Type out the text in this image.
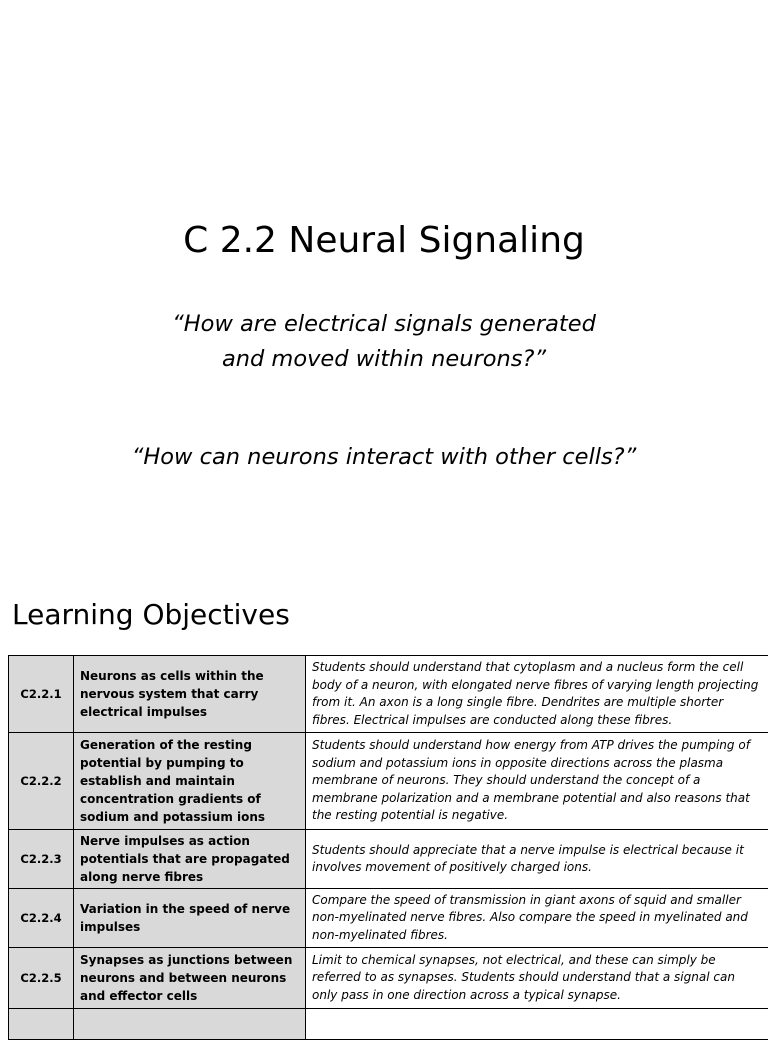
C 2.2 Neural Signaling

“How are electrical signals generated
and moved within neurons?”

“How can neurons interact with other cells?”

Learning Objectives
C2.2.1	Neurons as cells within the nervous system that carry electrical impulses	Students should understand that cytoplasm and a nucleus form the cell body of a neuron, with elongated nerve fibres of varying length projecting from it. An axon is a long single fibre. Dendrites are multiple shorter fibres. Electrical impulses are conducted along these fibres.
C2.2.2	Generation of the resting potential by pumping to establish and maintain concentration gradients of sodium and potassium ions	Students should understand how energy from ATP drives the pumping of sodium and potassium ions in opposite directions across the plasma membrane of neurons. They should understand the concept of a membrane polarization and a membrane potential and also reasons that the resting potential is negative.
C2.2.3	Nerve impulses as action potentials that are propagated along nerve fibres	Students should appreciate that a nerve impulse is electrical because it involves movement of positively charged ions.
C2.2.4	Variation in the speed of nerve impulses	Compare the speed of transmission in giant axons of squid and smaller non-myelinated nerve fibres. Also compare the speed in myelinated and non-myelinated fibres.
C2.2.5	Synapses as junctions between neurons and between neurons and effector cells	Limit to chemical synapses, not electrical, and these can simply be referred to as synapses. Students should understand that a signal can only pass in one direction across a typical synapse.
